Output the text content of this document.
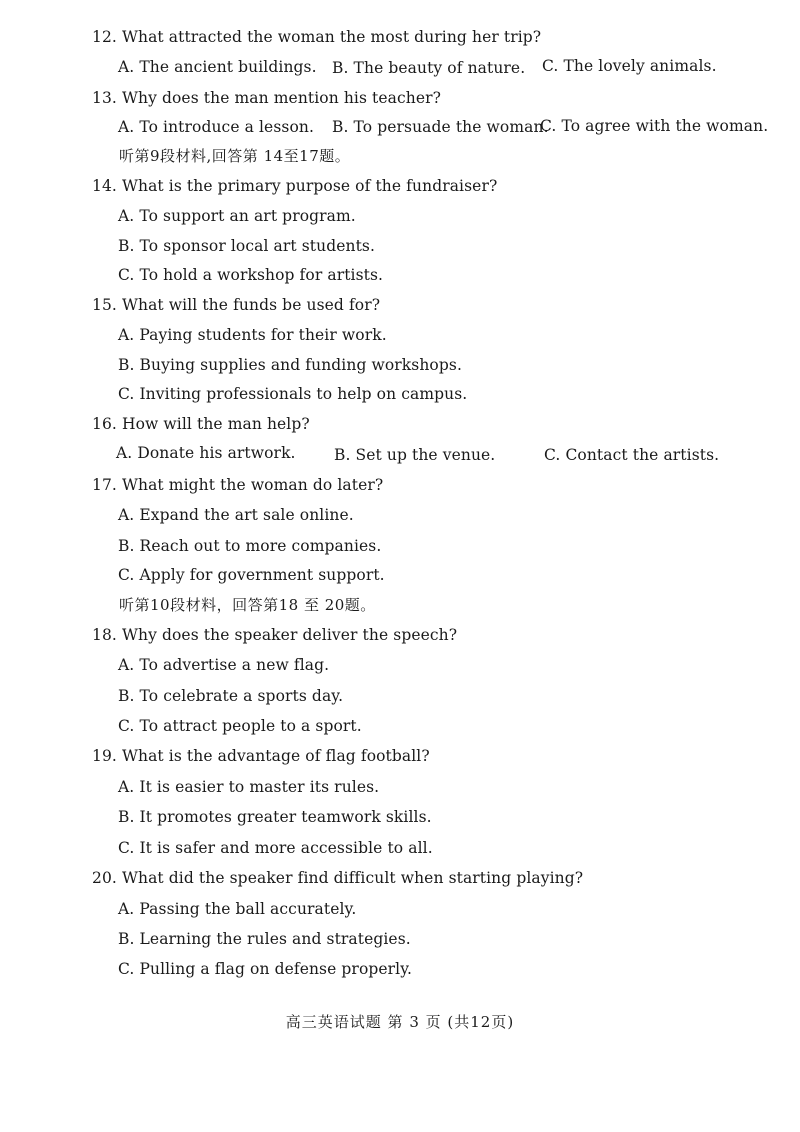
12. What attracted the woman the most during her trip?
A. The ancient buildings. B. The beauty of nature. C. The lovely animals.
13. Why does the man mention his teacher?
A. To introduce a lesson. B. To persuade the woman.
C. To agree with the woman.
听第9段材料,回答第 14至17题。
14. What is the primary purpose of the fundraiser?
A. To support an art program.
B. To sponsor local art students.
C. To hold a workshop for artists.
15. What will the funds be used for?
A. Paying students for their work.
B. Buying supplies and funding workshops.
C. Inviting professionals to help on campus.
16. How will the man help?
A. Donate his artwork. B. Set up the venue.	C. Contact the artists.
17. What might the woman do later?
A. Expand the art sale online.
B. Reach out to more companies.
C. Apply for government support.
听第10段材料，回答第18 至 20题。
18. Why does the speaker deliver the speech?
A. To advertise a new flag.
B. To celebrate a sports day.
C. To attract people to a sport.
19. What is the advantage of flag football?
A. It is easier to master its rules.
B. It promotes greater teamwork skills.
C. It is safer and more accessible to all.
20. What did the speaker find difficult when starting playing?
A. Passing the ball accurately.
B. Learning the rules and strategies.
C. Pulling a flag on defense properly.
高三英语试题 第 3 页 (共12页)
